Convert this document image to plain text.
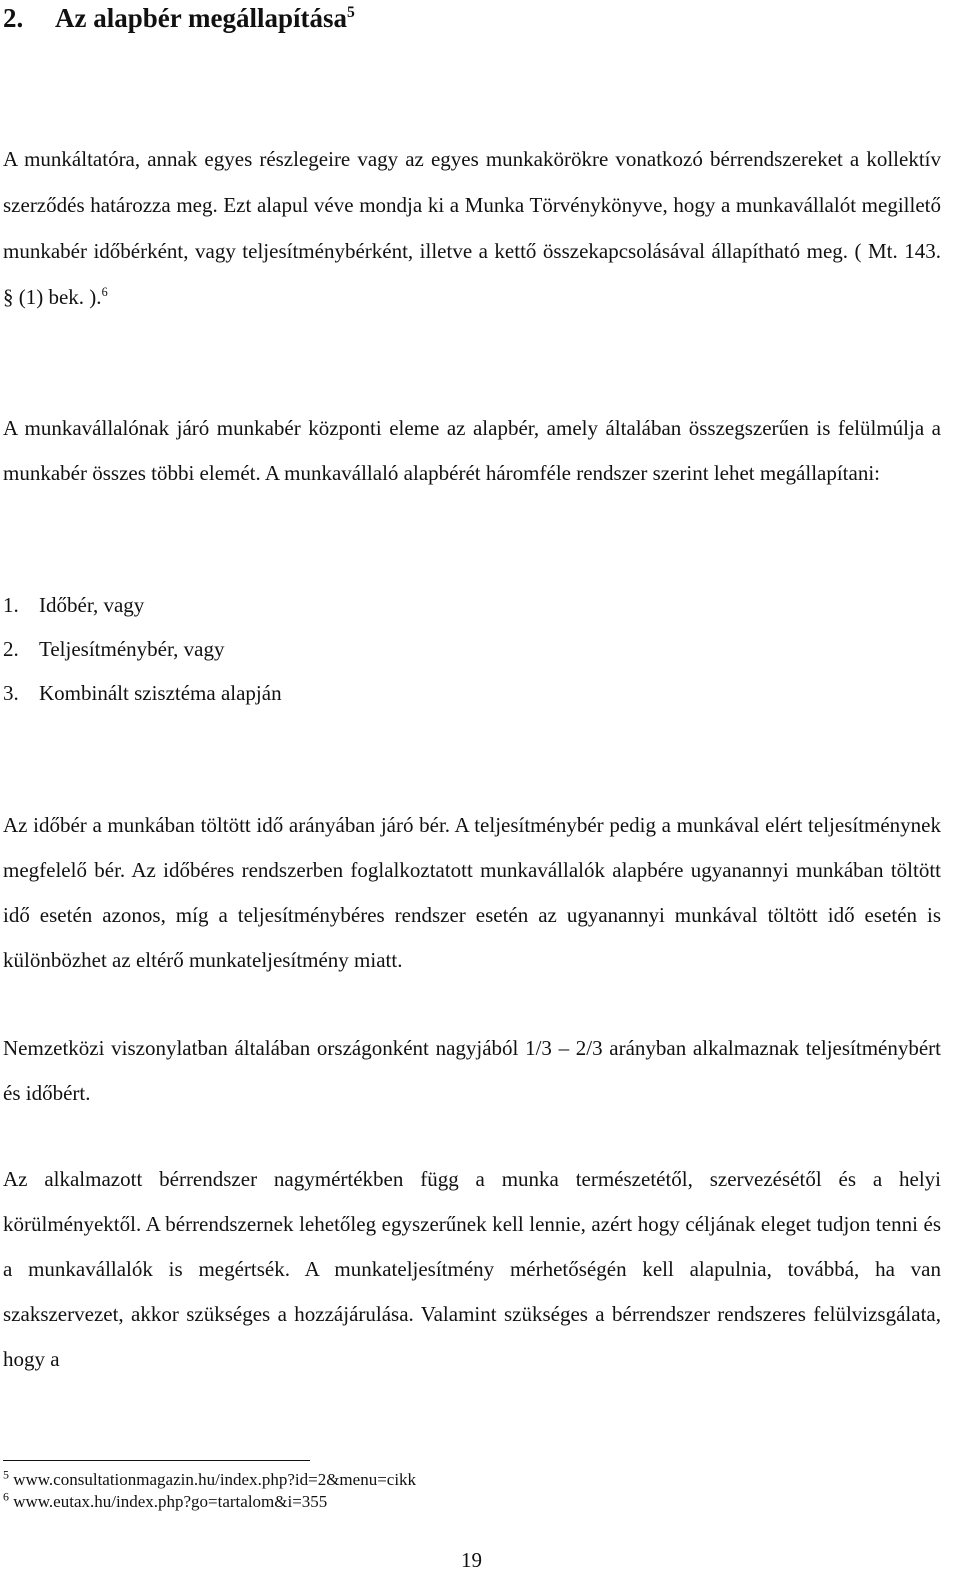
2. Az alapbér megállapítása$^5$
A munkáltatóra, annak egyes részlegeire vagy az egyes munkakörökre vonatkozó bérrendszereket a kollektív szerződés határozza meg. Ezt alapul véve mondja ki a Munka Törvénykönyve, hogy a munkavállalót megillető munkabér időbérként, vagy teljesítménybérként, illetve a kettő összekapcsolásával állapítható meg. ( Mt. 143. § (1) bek. ).$^6$
A munkavállalónak járó munkabér központi eleme az alapbér, amely általában összegszerűen is felülmúlja a munkabér összes többi elemét. A munkavállaló alapbérét háromféle rendszer szerint lehet megállapítani:
1. Időbér, vagy
2. Teljesítménybér, vagy
3. Kombinált szisztéma alapján
Az időbér a munkában töltött idő arányában járó bér. A teljesítménybér pedig a munkával elért teljesítménynek megfelelő bér. Az időbéres rendszerben foglalkoztatott munkavállalók alapbére ugyanannyi munkában töltött idő esetén azonos, míg a teljesítménybéres rendszer esetén az ugyanannyi munkával töltött idő esetén is különbözhet az eltérő munkateljesítmény miatt.
Nemzetközi viszonylatban általában országonként nagyjából 1/3 – 2/3 arányban alkalmaznak teljesítménybért és időbért.
Az alkalmazott bérrendszer nagymértékben függ a munka természetétől, szervezésétől és a helyi körülményektől. A bérrendszernek lehetőleg egyszerűnek kell lennie, azért hogy céljának eleget tudjon tenni és a munkavállalók is megértsék. A munkateljesítmény mérhetőségén kell alapulnia, továbbá, ha van szakszervezet, akkor szükséges a hozzájárulása. Valamint szükséges a bérrendszer rendszeres felülvizsgálata, hogy a
$^5$ www.consultationmagazin.hu/index.php?id=2&menu=cikk
$^6$ www.eutax.hu/index.php?go=tartalom&i=355
19
